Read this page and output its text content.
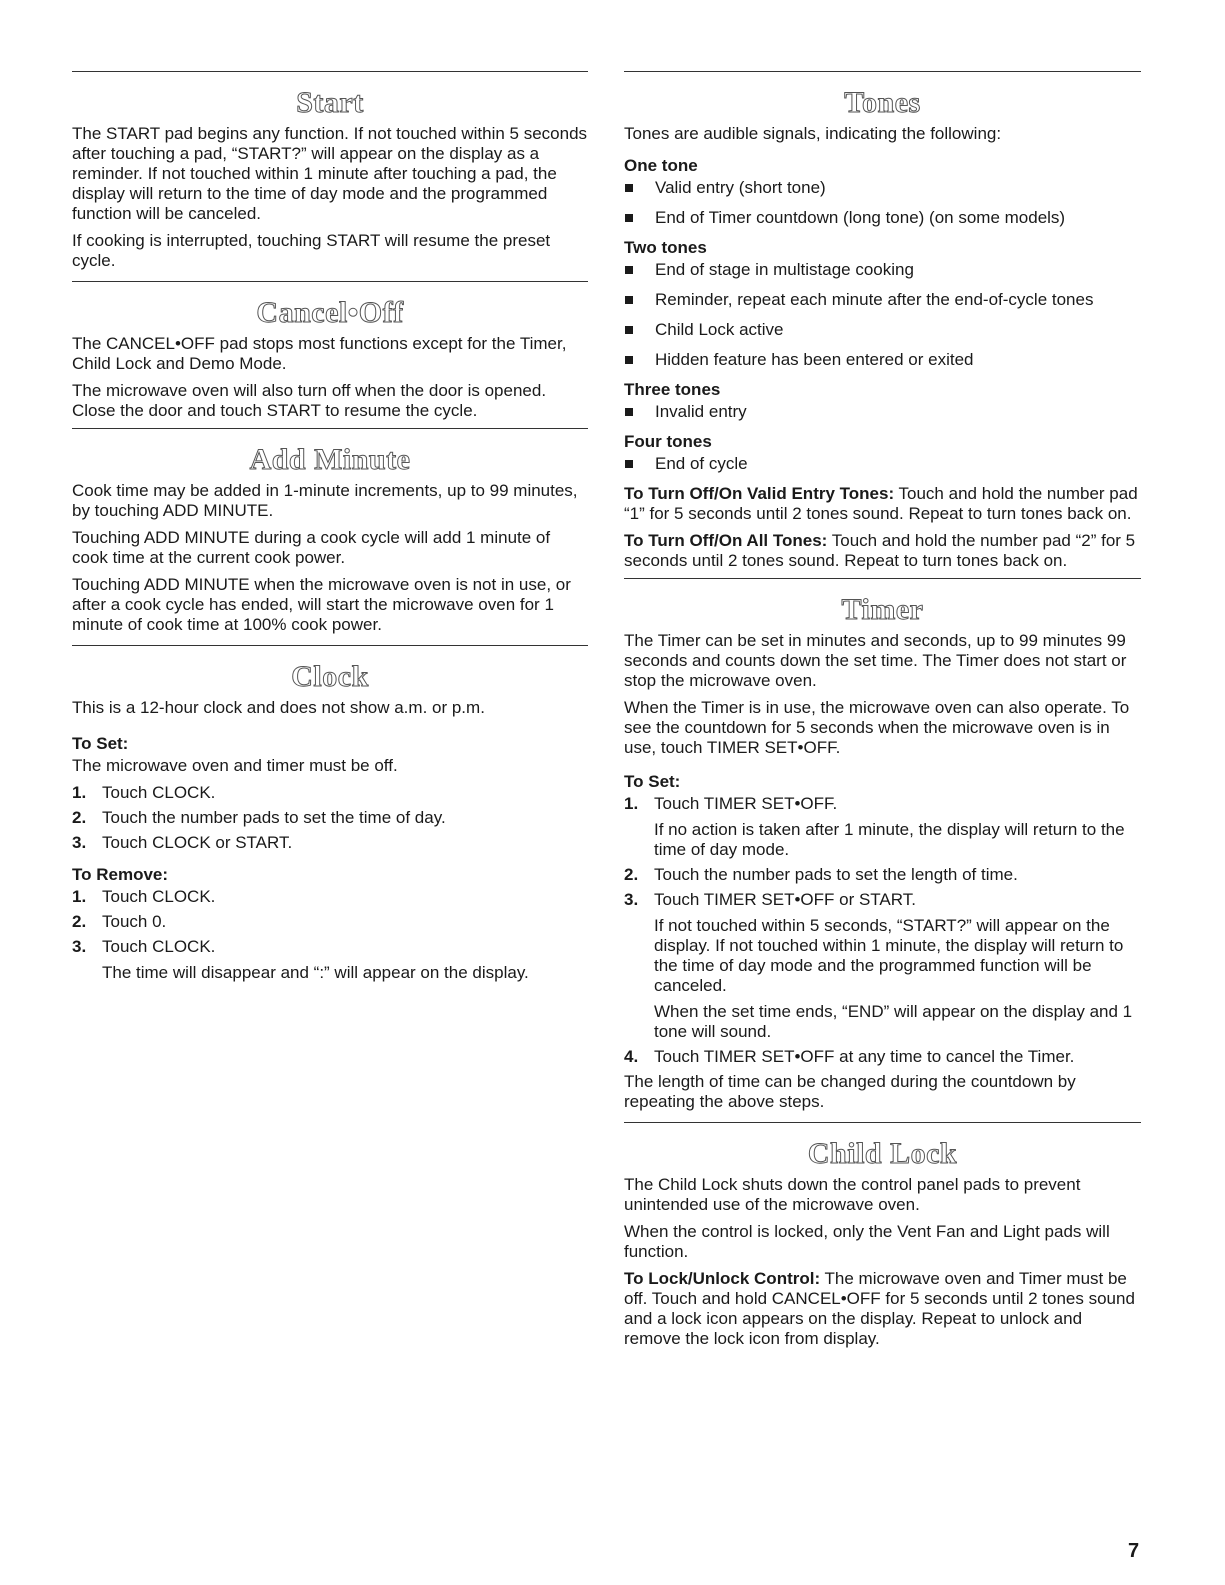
Start

The START pad begins any function. If not touched within 5 seconds after touching a pad, “START?” will appear on the display as a reminder. If not touched within 1 minute after touching a pad, the display will return to the time of day mode and the programmed function will be canceled.

If cooking is interrupted, touching START will resume the preset cycle.

Cancel•Off

The CANCEL•OFF pad stops most functions except for the Timer, Child Lock and Demo Mode.

The microwave oven will also turn off when the door is opened. Close the door and touch START to resume the cycle.

Add Minute

Cook time may be added in 1-minute increments, up to 99 minutes, by touching ADD MINUTE.

Touching ADD MINUTE during a cook cycle will add 1 minute of cook time at the current cook power.

Touching ADD MINUTE when the microwave oven is not in use, or after a cook cycle has ended, will start the microwave oven for 1 minute of cook time at 100% cook power.

Clock

This is a 12-hour clock and does not show a.m. or p.m.

To Set:

The microwave oven and timer must be off.

1. Touch CLOCK.
2. Touch the number pads to set the time of day.
3. Touch CLOCK or START.
To Remove:
1. Touch CLOCK.
2. Touch 0.
3. Touch CLOCK.
The time will disappear and “:” will appear on the display.
Tones

Tones are audible signals, indicating the following:

One tone
Valid entry (short tone)
End of Timer countdown (long tone) (on some models)
Two tones
End of stage in multistage cooking
Reminder, repeat each minute after the end-of-cycle tones
Child Lock active
Hidden feature has been entered or exited
Three tones
Invalid entry
Four tones
End of cycle

To Turn Off/On Valid Entry Tones: Touch and hold the number pad “1” for 5 seconds until 2 tones sound. Repeat to turn tones back on.

To Turn Off/On All Tones: Touch and hold the number pad “2” for 5 seconds until 2 tones sound. Repeat to turn tones back on.

Timer

The Timer can be set in minutes and seconds, up to 99 minutes 99 seconds and counts down the set time. The Timer does not start or stop the microwave oven.

When the Timer is in use, the microwave oven can also operate. To see the countdown for 5 seconds when the microwave oven is in use, touch TIMER SET•OFF.

To Set:
1. Touch TIMER SET•OFF.
If no action is taken after 1 minute, the display will return to the time of day mode.
2. Touch the number pads to set the length of time.
3. Touch TIMER SET•OFF or START.
If not touched within 5 seconds, “START?” will appear on the display. If not touched within 1 minute, the display will return to the time of day mode and the programmed function will be canceled.
When the set time ends, “END” will appear on the display and 1 tone will sound.
4. Touch TIMER SET•OFF at any time to cancel the Timer.

The length of time can be changed during the countdown by repeating the above steps.

Child Lock

The Child Lock shuts down the control panel pads to prevent unintended use of the microwave oven.

When the control is locked, only the Vent Fan and Light pads will function.

To Lock/Unlock Control: The microwave oven and Timer must be off. Touch and hold CANCEL•OFF for 5 seconds until 2 tones sound and a lock icon appears on the display. Repeat to unlock and remove the lock icon from display.

7
